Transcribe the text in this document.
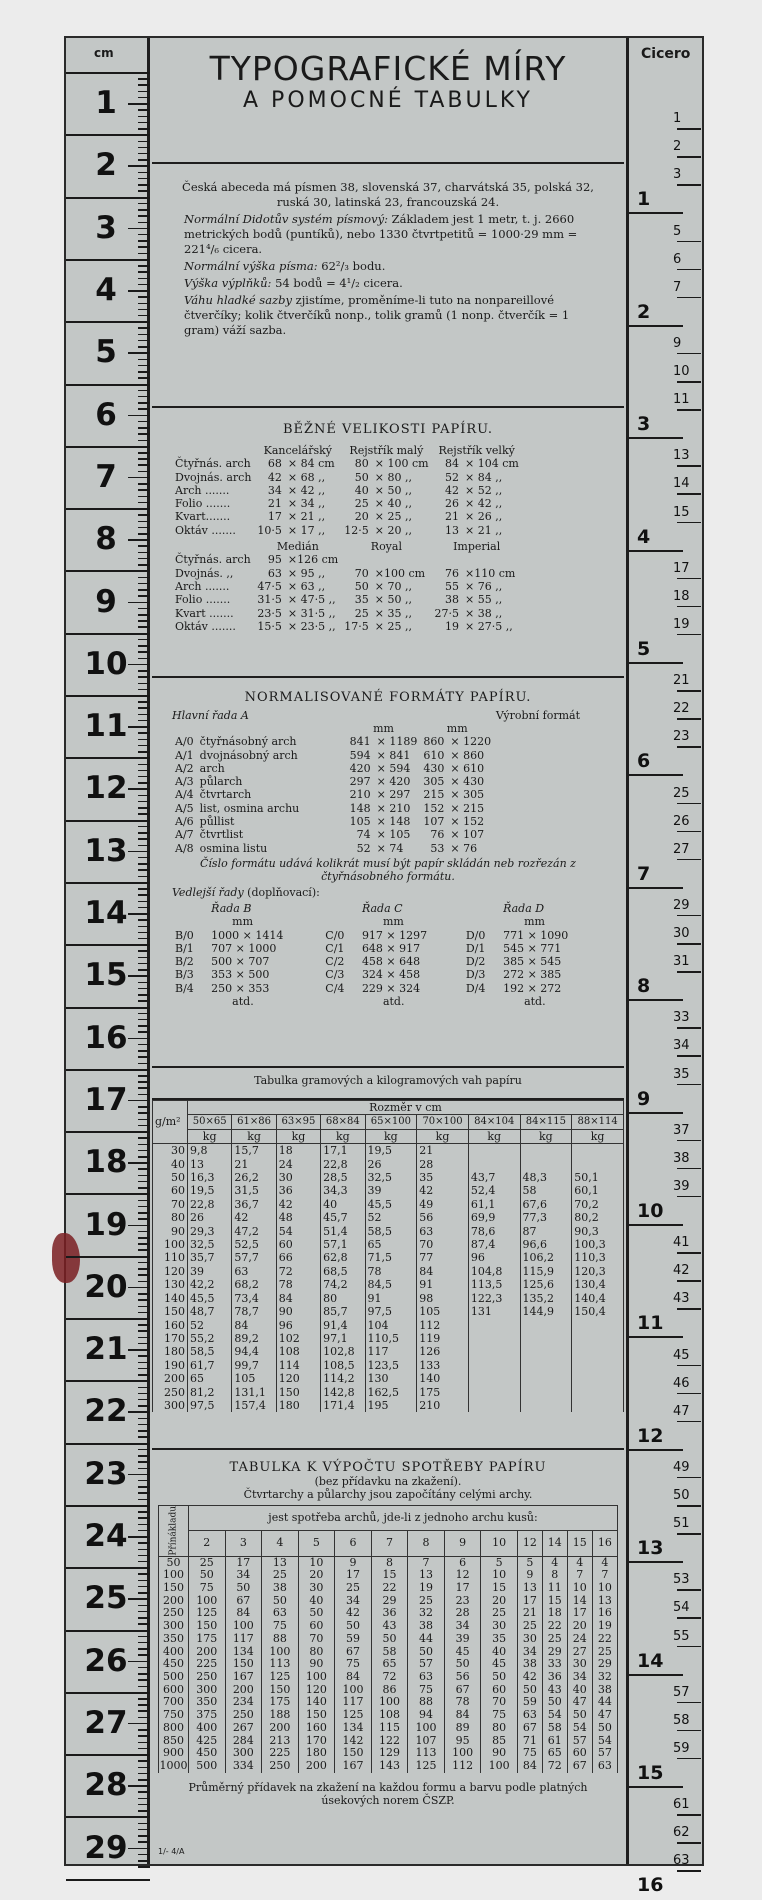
cm
1
2
3
4
5
6
7
8
9
10
11
12
13
14
15
16
17
18
19
20
21
22
23
24
25
26
27
28
29
TYPOGRAFICKÉ MÍRY
A POMOCNÉ TABULKY
Česká abeceda má písmen 38, slovenská 37, charvátská 35, polská 32, ruská 30, latinská 23, francouzská 24.
Normální Didotův systém písmový: Základem jest 1 metr, t. j. 2660 metrických bodů (puntíků), nebo 1330 čtvrtpetitů = 1000·29 mm = 221⁴/₆ cicera.
Normální výška písma: 62²/₃ bodu.
Výška výplňků: 54 bodů = 4¹/₂ cicera.
Váhu hladké sazby zjistíme, proměníme-li tuto na nonpareillové čtverčíky; kolik čtverčíků nonp., tolik gramů (1 nonp. čtverčík = 1 gram) váží sazba.
BĚŽNÉ VELIKOSTI PAPÍRU.
	Kancelářský		Rejstřík malý		Rejstřík velký	
Čtyřnás. arch	68	× 84 cm	80	× 100 cm	84	× 104 cm
Dvojnás. arch	42	× 68 ,,	50	× 80 ,,	52	× 84 ,,
Arch .......	34	× 42 ,,	40	× 50 ,,	42	× 52 ,,
Folio .......	21	× 34 ,,	25	× 40 ,,	26	× 42 ,,
Kvart.......	17	× 21 ,,	20	× 25 ,,	21	× 26 ,,
Oktáv .......	10·5	× 17 ,,	12·5	× 20 ,,	13	× 21 ,,
	Medián		Royal		Imperial	
Čtyřnás. arch	95	×126 cm				
Dvojnás. ,,	63	× 95 ,,	70	×100 cm	76	×110 cm
Arch .......	47·5	× 63 ,,	50	× 70 ,,	55	× 76 ,,
Folio .......	31·5	× 47·5 ,,	35	× 50 ,,	38	× 55 ,,
Kvart .......	23·5	× 31·5 ,,	25	× 35 ,,	27·5	× 38 ,,
Oktáv .......	15·5	× 23·5 ,,	17·5	× 25 ,,	19	× 27·5 ,,
NORMALISOVANÉ FORMÁTY PAPÍRU.
Hlavní řada A	Výrobní formát
		mm		mm	
A/0	čtyřnásobný arch	841	× 1189	860	× 1220
A/1	dvojnásobný arch	594	× 841	610	× 860
A/2	arch	420	× 594	430	× 610
A/3	půlarch	297	× 420	305	× 430
A/4	čtvrtarch	210	× 297	215	× 305
A/5	list, osmina archu	148	× 210	152	× 215
A/6	půllist	105	× 148	107	× 152
A/7	čtvrtlist	74	× 105	76	× 107
A/8	osmina listu	52	× 74	53	× 76
Číslo formátu udává kolikrát musí být papír skládán neb rozřezán z čtyřnásobného formátu.
Vedlejší řady (doplňovací):
	Řada B		Řada C		Řada D
	mm		mm		mm
B/0	1000 × 1414	C/0	917 × 1297	D/0	771 × 1090
B/1	707 × 1000	C/1	648 × 917	D/1	545 × 771
B/2	500 × 707	C/2	458 × 648	D/2	385 × 545
B/3	353 × 500	C/3	324 × 458	D/3	272 × 385
B/4	250 × 353	C/4	229 × 324	D/4	192 × 272
	atd.		atd.		atd.
Tabulka gramových a kilogramových vah papíru
g/m²	Rozměr v cm								
	50×65	61×86	63×95	68×84	65×100	70×100	84×104	84×115	88×114
	kg	kg	kg	kg	kg	kg	kg	kg	kg
30	9,8	15,7	18	17,1	19,5	21			
40	13	21	24	22,8	26	28			
50	16,3	26,2	30	28,5	32,5	35	43,7	48,3	50,1
60	19,5	31,5	36	34,3	39	42	52,4	58	60,1
70	22,8	36,7	42	40	45,5	49	61,1	67,6	70,2
80	26	42	48	45,7	52	56	69,9	77,3	80,2
90	29,3	47,2	54	51,4	58,5	63	78,6	87	90,3
100	32,5	52,5	60	57,1	65	70	87,4	96,6	100,3
110	35,7	57,7	66	62,8	71,5	77	96	106,2	110,3
120	39	63	72	68,5	78	84	104,8	115,9	120,3
130	42,2	68,2	78	74,2	84,5	91	113,5	125,6	130,4
140	45,5	73,4	84	80	91	98	122,3	135,2	140,4
150	48,7	78,7	90	85,7	97,5	105	131	144,9	150,4
160	52	84	96	91,4	104	112			
170	55,2	89,2	102	97,1	110,5	119			
180	58,5	94,4	108	102,8	117	126			
190	61,7	99,7	114	108,5	123,5	133			
200	65	105	120	114,2	130	140			
250	81,2	131,1	150	142,8	162,5	175			
300	97,5	157,4	180	171,4	195	210			
TABULKA K VÝPOČTU SPOTŘEBY PAPÍRU
(bez přídavku na zkažení).
Čtvrtarchy a půlarchy jsou započítány celými archy.
Přínákladu	jest spotřeba archů, jde-li z jednoho archu kusů:												
	2	3	4	5	6	7	8	9	10	12	14	15	16
50	25	17	13	10	9	8	7	6	5	5	4	4	4
100	50	34	25	20	17	15	13	12	10	9	8	7	7
150	75	50	38	30	25	22	19	17	15	13	11	10	10
200	100	67	50	40	34	29	25	23	20	17	15	14	13
250	125	84	63	50	42	36	32	28	25	21	18	17	16
300	150	100	75	60	50	43	38	34	30	25	22	20	19
350	175	117	88	70	59	50	44	39	35	30	25	24	22
400	200	134	100	80	67	58	50	45	40	34	29	27	25
450	225	150	113	90	75	65	57	50	45	38	33	30	29
500	250	167	125	100	84	72	63	56	50	42	36	34	32
600	300	200	150	120	100	86	75	67	60	50	43	40	38
700	350	234	175	140	117	100	88	78	70	59	50	47	44
750	375	250	188	150	125	108	94	84	75	63	54	50	47
800	400	267	200	160	134	115	100	89	80	67	58	54	50
850	425	284	213	170	142	122	107	95	85	71	61	57	54
900	450	300	225	180	150	129	113	100	90	75	65	60	57
1000	500	334	250	200	167	143	125	112	100	84	72	67	63
Průměrný přídavek na zkažení na každou formu a barvu podle platných úsekových norem ČSZP.
1/- 4/A
Cicero
1
2
3
1
5
6
7
2
9
10
11
3
13
14
15
4
17
18
19
5
21
22
23
6
25
26
27
7
29
30
31
8
33
34
35
9
37
38
39
10
41
42
43
11
45
46
47
12
49
50
51
13
53
54
55
14
57
58
59
15
61
62
63
16
